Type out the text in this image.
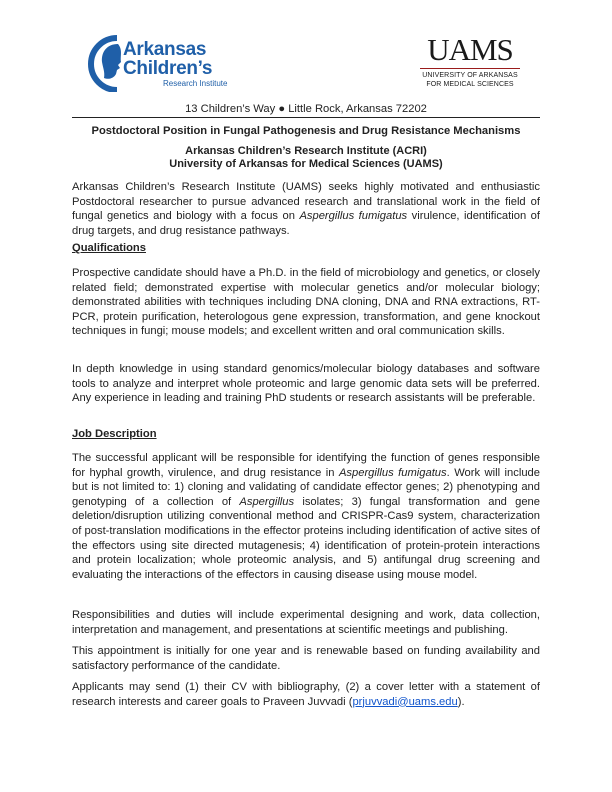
Arkansas
Children’s
Research Institute
UAMS
UNIVERSITY OF ARKANSAS
FOR MEDICAL SCIENCES
13 Children’s Way ● Little Rock, Arkansas 72202
Postdoctoral Position in Fungal Pathogenesis and Drug Resistance Mechanisms
Arkansas Children’s Research Institute (ACRI)
University of Arkansas for Medical Sciences (UAMS)

Arkansas Children’s Research Institute (UAMS) seeks highly motivated and enthusiastic Postdoctoral researcher to pursue advanced research and translational work in the field of fungal genetics and biology with a focus on Aspergillus fumigatus virulence, identification of drug targets, and drug resistance pathways.

Qualifications

Prospective candidate should have a Ph.D. in the field of microbiology and genetics, or closely related field; demonstrated expertise with molecular genetics and/or molecular biology; demonstrated abilities with techniques including DNA cloning, DNA and RNA extractions, RT-PCR, protein purification, heterologous gene expression, transformation, and gene knockout techniques in fungi; mouse models; and excellent written and oral communication skills.

In depth knowledge in using standard genomics/molecular biology databases and software tools to analyze and interpret whole proteomic and large genomic data sets will be preferred. Any experience in leading and training PhD students or research assistants will be preferable.

Job Description

The successful applicant will be responsible for identifying the function of genes responsible for hyphal growth, virulence, and drug resistance in Aspergillus fumigatus. Work will include but is not limited to: 1) cloning and validating of candidate effector genes; 2) phenotyping and genotyping of a collection of Aspergillus isolates; 3) fungal transformation and gene deletion/disruption utilizing conventional method and CRISPR-Cas9 system, characterization of post-translation modifications in the effector proteins including identification of active sites of the effectors using site directed mutagenesis; 4) identification of protein-protein interactions and protein localization; whole proteomic analysis, and 5) antifungal drug screening and evaluating the interactions of the effectors in causing disease using mouse model.

Responsibilities and duties will include experimental designing and work, data collection, interpretation and management, and presentations at scientific meetings and publishing.

This appointment is initially for one year and is renewable based on funding availability and satisfactory performance of the candidate.

Applicants may send (1) their CV with bibliography, (2) a cover letter with a statement of research interests and career goals to Praveen Juvvadi (prjuvvadi@uams.edu).
